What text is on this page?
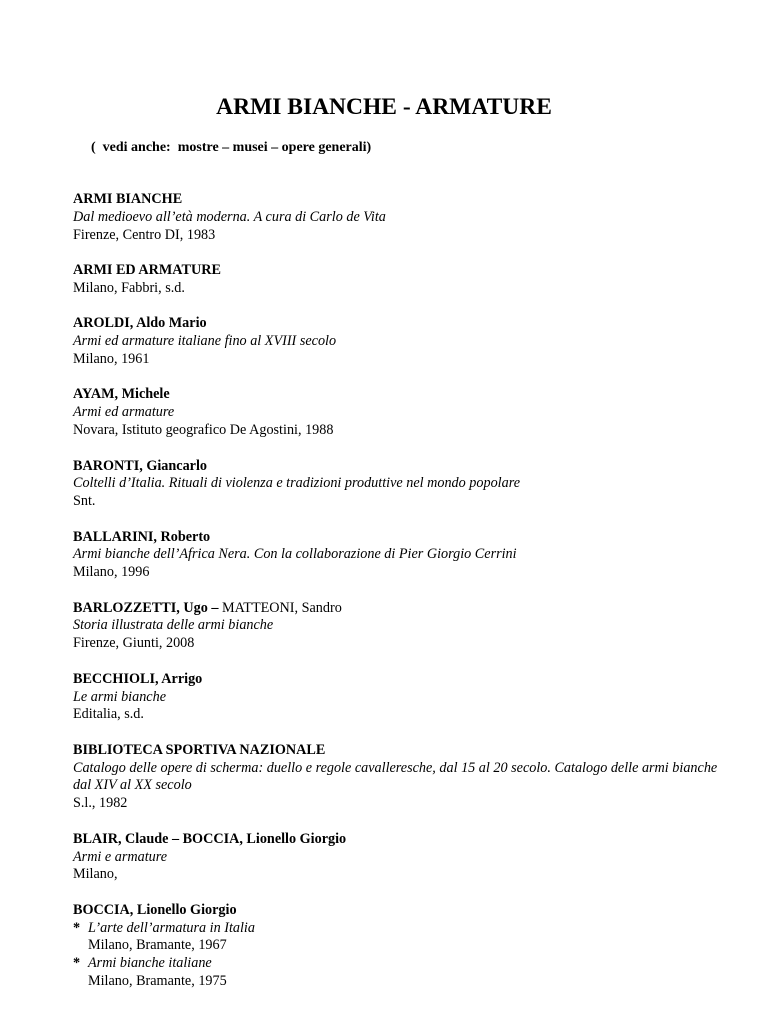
ARMI BIANCHE - ARMATURE
(  vedi anche:  mostre – musei – opere generali)
ARMI BIANCHE
Dal medioevo all’età moderna. A cura di Carlo de Vita
Firenze, Centro DI, 1983
ARMI ED ARMATURE
Milano, Fabbri, s.d.
AROLDI, Aldo Mario
Armi ed armature italiane fino al XVIII secolo
Milano, 1961
AYAM, Michele
Armi ed armature
Novara, Istituto geografico De Agostini, 1988
BARONTI, Giancarlo
Coltelli d’Italia. Rituali di violenza e tradizioni produttive nel mondo popolare
Snt.
BALLARINI, Roberto
Armi bianche dell’Africa Nera. Con la collaborazione di Pier Giorgio Cerrini
Milano, 1996
BARLOZZETTI, Ugo – MATTEONI, Sandro
Storia illustrata delle armi bianche
Firenze, Giunti, 2008
BECCHIOLI, Arrigo
Le armi bianche
Editalia, s.d.
BIBLIOTECA SPORTIVA NAZIONALE
Catalogo delle opere di scherma: duello e regole cavalleresche, dal 15 al 20 secolo. Catalogo delle armi bianche dal XIV al XX secolo
S.l., 1982
BLAIR, Claude – BOCCIA, Lionello Giorgio
Armi e armature
Milano,
BOCCIA, Lionello Giorgio
* L’arte dell’armatura in Italia
Milano, Bramante, 1967
* Armi bianche italiane
Milano, Bramante, 1975
